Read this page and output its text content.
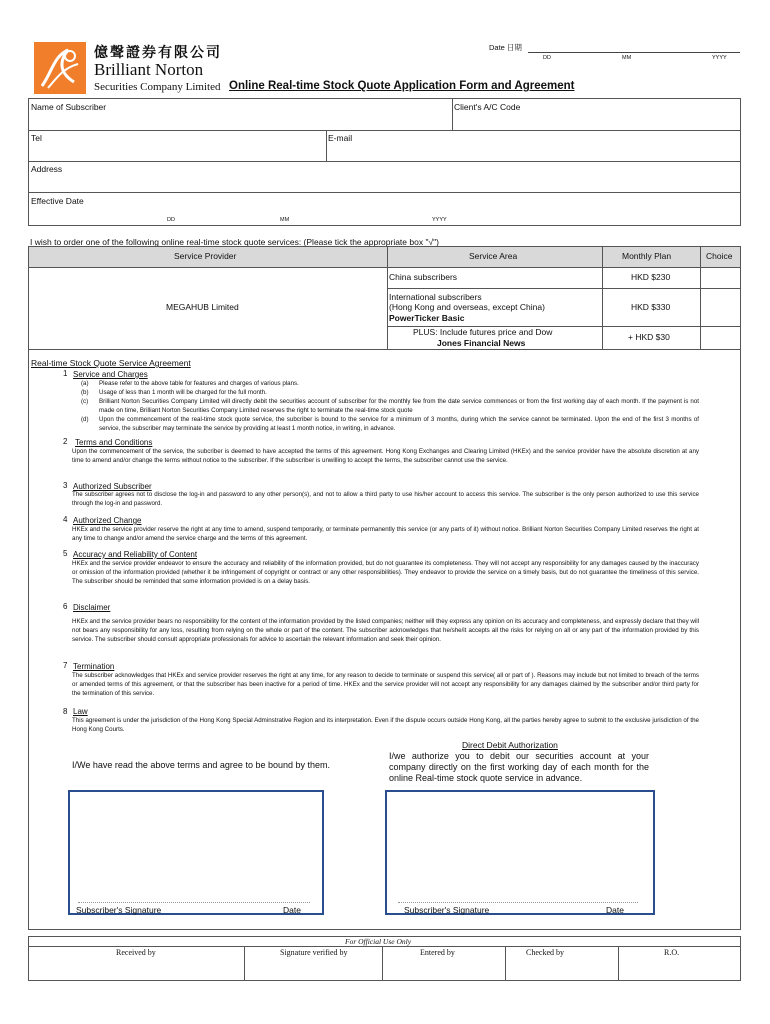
億聲證券有限公司
Brilliant Norton
Securities Company Limited Online Real-time Stock Quote Application Form and Agreement
Date 日期
DD	MM	YYYY
Name of Subscriber	Client's A/C Code
Tel	E-mail
Address
Effective Date
DD	MM	YYYY
I wish to order one of the following online real-time stock quote services: (Please tick the appropriate box "√")
Service Provider	Service Area	Monthly Plan	Choice
MEGAHUB Limited
China subscribers	HKD $230
International subscribers
(Hong Kong and overseas, except China)
PowerTicker Basic
HKD $330
PLUS: Include futures price and Dow
Jones Financial News
+ HKD $30
Real-time Stock Quote Service Agreement
1 Service and Charges
(a) Please refer to the above table for features and charges of various plans.
(b) Usage of less than 1 month will be charged for the full month.
(c) Brilliant Norton Securities Company Limited will directly debit the securities account of subscriber for the monthly fee from the date service commences or from the first working day of each month. If the payment is not made on time, Brilliant Norton Securities Company Limited reserves the right to terminate the real-time stock quote
(d) Upon the commencement of the real-time stock quote service, the subcriber is bound to the service for a minimum of 3 months, during which the service cannot be terminated. Upon the end of the first 3 months of service, the subscriber may terminate the service by providing at least 1 month notice, in writing, in advance.
2 Terms and Conditions
Upon the commencement of the service, the subcriber is deemed to have accepted the terms of this agreement. Hong Kong Exchanges and Clearing Limited (HKEx) and the service provider have the absolute discretion at any time to amend and/or change the terms without notice to the subscriber. If the subscriber is unwilling to accept the terms, the subscriber cannot use the service.
3 Authorized Subscriber
The subscriber agrees not to disclose the log-in and password to any other person(s), and not to allow a third party to use his/her account to access this service. The subscriber is the only person authorized to use this service through the log-in and password.
4 Authorized Change
HKEx and the service provider reserve the right at any time to amend, suspend temporarily, or terminate permanently this service (or any parts of it) without notice. Brilliant Norton Securities Company Limited reserves the right at any time to change and/or amend the service charge and the terms of this agreement.
5 Accuracy and Reliability of Content
HKEx and the service provider endeavor to ensure the accuracy and reliability of the information provided, but do not guarantee its completeness. They will not accept any responsibility for any damages caused by the inaccuracy or omission of the information provided (whether it be infringement of copyright or contract or any other responsibilities). They endeavor to provide the service on a timely basis, but do not guarantee the timeliness of this service. The subscriber should be reminded that some information provided is on a delay basis.
6 Disclaimer
HKEx and the service provider bears no responsibility for the content of the information provided by the listed companies; neither will they express any opinion on its accuracy and completeness, and expressly declare that they will not bears any responsibility for any loss, resulting from relying on the whole or part of the content. The subscriber acknowledges that he/she/it accepts all the risks for relying on all or any part of the information provided by this service. The subscriber should consult appropriate professionals for advice to ascertain the relevant information and seek their opinion.
7 Termination
The subscriber acknowledges that HKEx and service provider reserves the right at any time, for any reason to decide to terminate or suspend this service( all or part of ). Reasons may include but not limited to breach of the terms or amended terms of this agreement, or that the subscriber has been inactive for a period of time. HKEx and the service provider will not accept any responsibility for any damages claimed by the subscriber and/or third party for the termination of this service.
8 Law
This agreement is under the jurisdiction of the Hong Kong Special Adminstrative Region and its interpretation. Even if the dispute occurs outside Hong Kong, all the parties hereby agree to submit to the exclusive jurisdiction of the Hong Kong Courts.
I/We have read the above terms and agree to be bound by them.
Direct Debit Authorization
I/we authorize you to debit our securities account at your company directly on the first working day of each month for the online Real-time stock quote service in advance.
Subscriber's Signature	Date	Subscriber's Signature	Date
For Official Use Only
Received by	Signature verified by	Entered by	Checked by	R.O.
